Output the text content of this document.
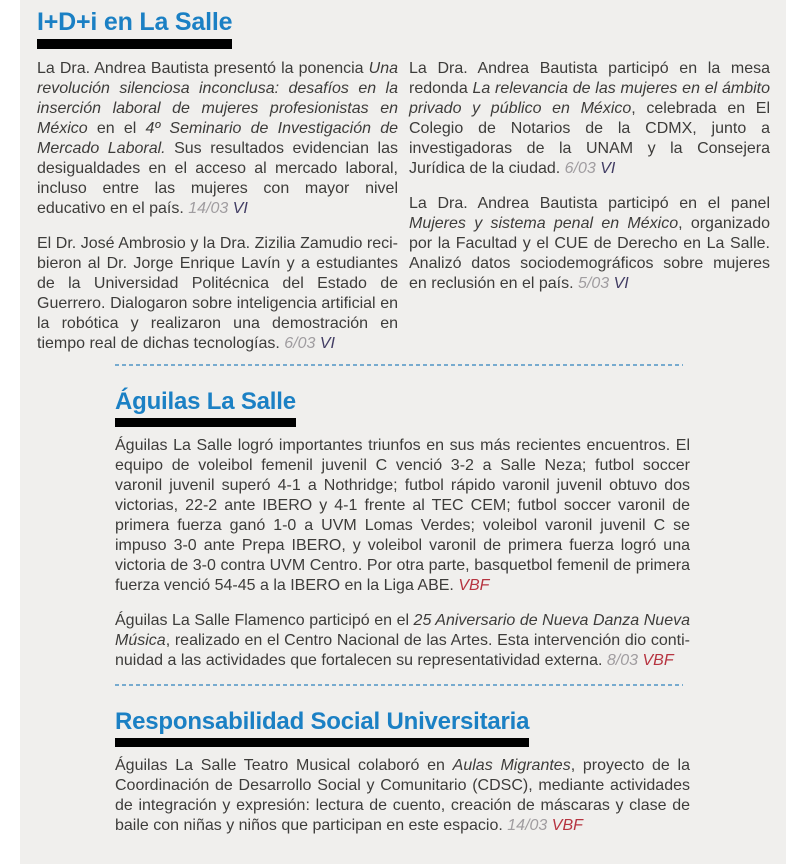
I+D+i en La Salle

La Dra. Andrea Bautista presentó la ponencia Una revolución silenciosa inconclusa: desafíos en la inserción laboral de mujeres profesionistas en México en el 4º Seminario de Investigación de Mercado Laboral. Sus resultados evidencian las desigualdades en el acceso al mercado laboral, incluso entre las mujeres con mayor nivel educativo en el país. 14/03 VI

El Dr. José Ambrosio y la Dra. Zizilia Zamudio recibieron al Dr. Jorge Enrique Lavín y a estudiantes de la Universidad Politécnica del Estado de Guerrero. Dialogaron sobre inteligencia artificial en la robótica y realizaron una demostración en tiempo real de dichas tecnologías. 6/03 VI

La Dra. Andrea Bautista participó en la mesa redonda La relevancia de las mujeres en el ámbito privado y público en México, celebrada en El Colegio de Notarios de la CDMX, junto a investigadoras de la UNAM y la Consejera Jurídica de la ciudad. 6/03 VI

La Dra. Andrea Bautista participó en el panel Mujeres y sistema penal en México, organizado por la Facultad y el CUE de Derecho en La Salle. Analizó datos sociodemográficos sobre mujeres en reclusión en el país. 5/03 VI

Águilas La Salle

Águilas La Salle logró importantes triunfos en sus más recientes encuentros. El equipo de voleibol femenil juvenil C venció 3-2 a Salle Neza; futbol soccer varonil juvenil superó 4-1 a Nothridge; futbol rápido varonil juvenil obtuvo dos victorias, 22-2 ante IBERO y 4-1 frente al TEC CEM; futbol soccer varonil de primera fuerza ganó 1-0 a UVM Lomas Verdes; voleibol varonil juvenil C se impuso 3-0 ante Prepa IBERO, y voleibol varonil de primera fuerza logró una victoria de 3-0 contra UVM Centro. Por otra parte, basquetbol femenil de primera fuerza venció 54-45 a la IBERO en la Liga ABE. VBF

Águilas La Salle Flamenco participó en el 25 Aniversario de Nueva Danza Nueva Música, realizado en el Centro Nacional de las Artes. Esta intervención dio continuidad a las actividades que fortalecen su representatividad externa. 8/03 VBF

Responsabilidad Social Universitaria

Águilas La Salle Teatro Musical colaboró en Aulas Migrantes, proyecto de la Coordinación de Desarrollo Social y Comunitario (CDSC), mediante actividades de integración y expresión: lectura de cuento, creación de máscaras y clase de baile con niñas y niños que participan en este espacio. 14/03 VBF
